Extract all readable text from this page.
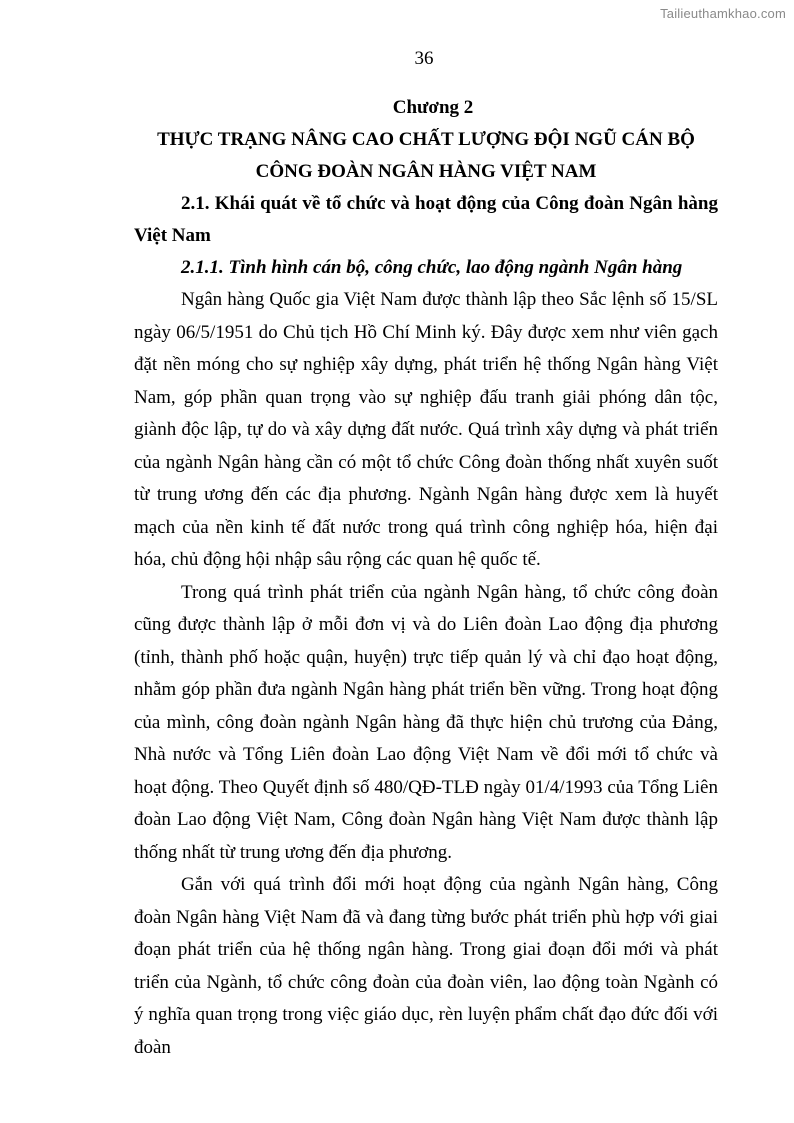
Tailieuthamkhao.com
36

Chương 2

THỰC TRẠNG NÂNG CAO CHẤT LƯỢNG ĐỘI NGŨ CÁN BỘ

CÔNG ĐOÀN NGÂN HÀNG VIỆT NAM

2.1. Khái quát về tổ chức và hoạt động của Công đoàn Ngân hàng Việt Nam

2.1.1. Tình hình cán bộ, công chức, lao động ngành Ngân hàng

Ngân hàng Quốc gia Việt Nam được thành lập theo Sắc lệnh số 15/SL ngày 06/5/1951 do Chủ tịch Hồ Chí Minh ký. Đây được xem như viên gạch đặt nền móng cho sự nghiệp xây dựng, phát triển hệ thống Ngân hàng Việt Nam, góp phần quan trọng vào sự nghiệp đấu tranh giải phóng dân tộc, giành độc lập, tự do và xây dựng đất nước. Quá trình xây dựng và phát triển của ngành Ngân hàng cần có một tổ chức Công đoàn thống nhất xuyên suốt từ trung ương đến các địa phương. Ngành Ngân hàng được xem là huyết mạch của nền kinh tế đất nước trong quá trình công nghiệp hóa, hiện đại hóa, chủ động hội nhập sâu rộng các quan hệ quốc tế.

Trong quá trình phát triển của ngành Ngân hàng, tổ chức công đoàn cũng được thành lập ở mỗi đơn vị và do Liên đoàn Lao động địa phương (tỉnh, thành phố hoặc quận, huyện) trực tiếp quản lý và chỉ đạo hoạt động, nhằm góp phần đưa ngành Ngân hàng phát triển bền vững. Trong hoạt động của mình, công đoàn ngành Ngân hàng đã thực hiện chủ trương của Đảng, Nhà nước và Tổng Liên đoàn Lao động Việt Nam về đổi mới tổ chức và hoạt động. Theo Quyết định số 480/QĐ-TLĐ ngày 01/4/1993 của Tổng Liên đoàn Lao động Việt Nam, Công đoàn Ngân hàng Việt Nam được thành lập thống nhất từ trung ương đến địa phương.

Gắn với quá trình đổi mới hoạt động của ngành Ngân hàng, Công đoàn Ngân hàng Việt Nam đã và đang từng bước phát triển phù hợp với giai đoạn phát triển của hệ thống ngân hàng. Trong giai đoạn đổi mới và phát triển của Ngành, tổ chức công đoàn của đoàn viên, lao động toàn Ngành có ý nghĩa quan trọng trong việc giáo dục, rèn luyện phẩm chất đạo đức đối với đoàn
